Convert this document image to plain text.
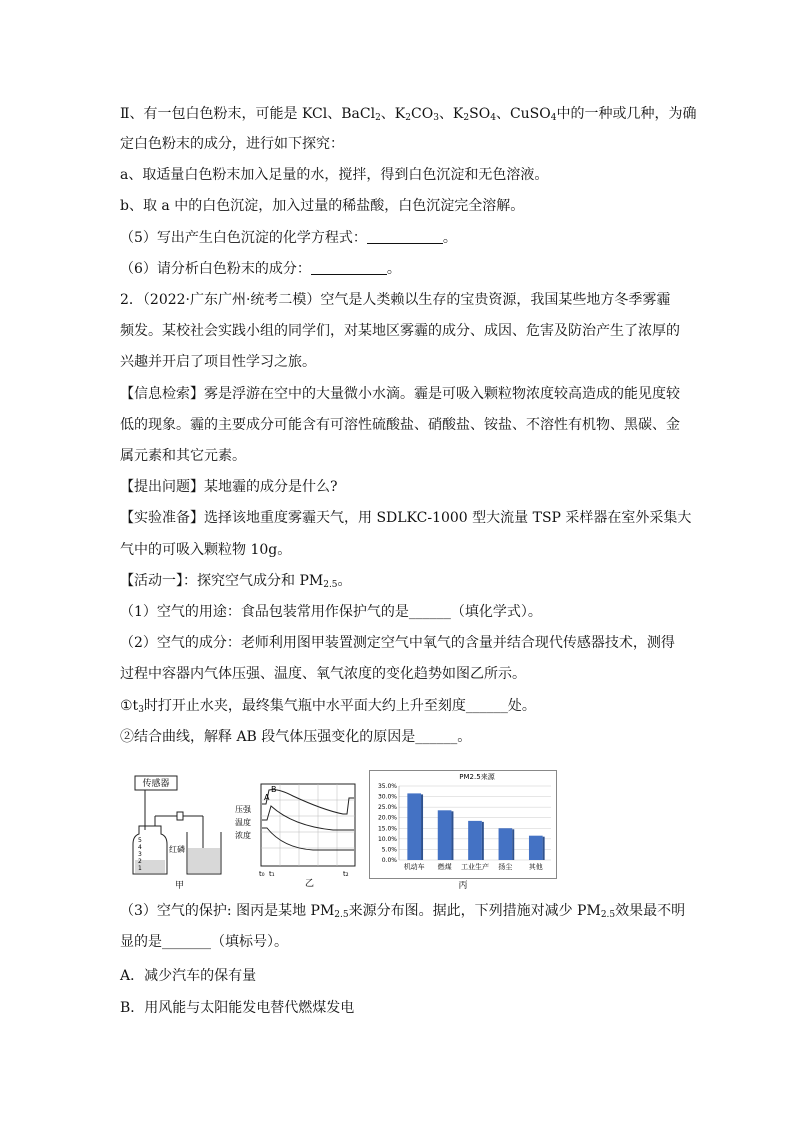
Ⅱ、有一包白色粉末，可能是 KCl、BaCl$_2$、$K_2CO_3$、$K_2SO_4$、CuSO$_4$中的一种或几种，为确
定白色粉末的成分，进行如下探究：
a、取适量白色粉末加入足量的水，搅拌，得到白色沉淀和无色溶液。
b、取 a 中的白色沉淀，加入过量的稀盐酸，白色沉淀完全溶解。
（5）写出产生白色沉淀的化学方程式：	。
（6）请分析白色粉末的成分：	。
2．（2022·广东广州·统考二模）空气是人类赖以生存的宝贵资源，我国某些地方冬季雾霾
频发。某校社会实践小组的同学们，对某地区雾霾的成分、成因、危害及防治产生了浓厚的
兴趣并开启了项目性学习之旅。
【信息检索】雾是浮游在空中的大量微小水滴。霾是可吸入颗粒物浓度较高造成的能见度较
低的现象。霾的主要成分可能含有可溶性硫酸盐、硝酸盐、铵盐、不溶性有机物、黑碳、金
属元素和其它元素。
【提出问题】某地霾的成分是什么?
【实验准备】选择该地重度雾霾天气，用 SDLKC-1000 型大流量 TSP 采样器在室外采集大
气中的可吸入颗粒物 10g。
【活动一】：探究空气成分和 $PM_{2.5}$。
（1）空气的用途：食品包装常用作保护气的是______（填化学式）。
（2）空气的成分：老师利用图甲装置测定空气中氧气的含量并结合现代传感器技术，测得
过程中容器内气体压强、温度、氧气浓度的变化趋势如图乙所示。
$①t_3$时打开止水夹，最终集气瓶中水平面大约上升至刻度______处。
②结合曲线，解释 AB 段气体压强变化的原因是______。
传感器
5
4
3
2
1
红磷
甲
A
B
压强
温度
浓度
t₀ t₁	t₂
乙
PM2.5来源
35.0%
30.0%
25.0%
20.0%
15.0%
10.0%
5.0%
0.0%
机动车 燃煤 工业生产 扬尘 其他
丙
（3）空气的保护: 图丙是某地 $PM_{2.5}$来源分布图。据此，下列措施对减少 $PM_{2.5}$效果最不明
显的是_______（填标号）。
A．减少汽车的保有量
B．用风能与太阳能发电替代燃煤发电
